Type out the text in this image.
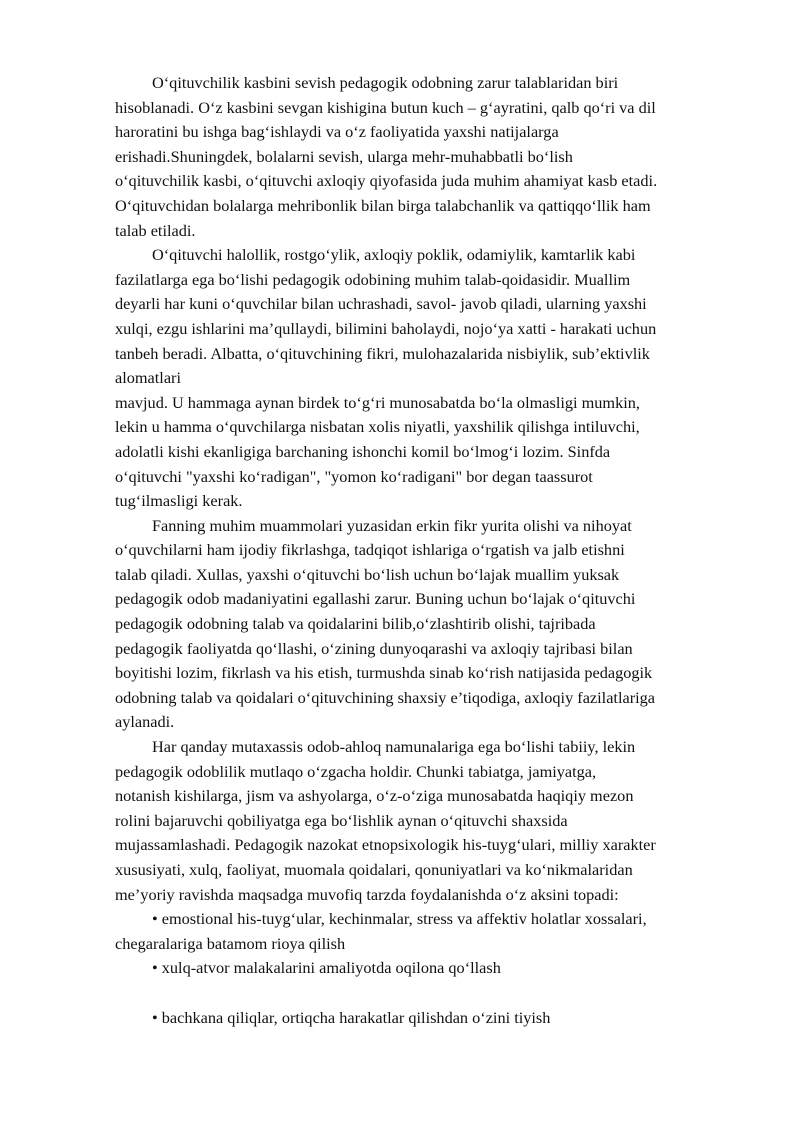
O‘qituvchilik kasbini sevish pedagogik odobning zarur talablaridan biri
hisoblanadi. O‘z kasbini sevgan kishigina butun kuch – g‘ayratini, qalb qo‘ri va dil
haroratini bu ishga bag‘ishlaydi va o‘z faoliyatida yaxshi natijalarga
erishadi.Shuningdek, bolalarni sevish, ularga mehr-muhabbatli bo‘lish
o‘qituvchilik kasbi, o‘qituvchi axloqiy qiyofasida juda muhim ahamiyat kasb etadi.
O‘qituvchidan bolalarga mehribonlik bilan birga talabchanlik va qattiqqo‘llik ham
talab etiladi.
O‘qituvchi halollik, rostgo‘ylik, axloqiy poklik, odamiylik, kamtarlik kabi
fazilatlarga ega bo‘lishi pedagogik odobining muhim talab-qoidasidir. Muallim
deyarli har kuni o‘quvchilar bilan uchrashadi, savol- javob qiladi, ularning yaxshi
xulqi, ezgu ishlarini ma’qullaydi, bilimini baholaydi, nojo‘ya xatti - harakati uchun
tanbeh beradi. Albatta, o‘qituvchining fikri, mulohazalarida nisbiylik, sub’ektivlik
alomatlari
mavjud. U hammaga aynan birdek to‘g‘ri munosabatda bo‘la olmasligi mumkin,
lekin u hamma o‘quvchilarga nisbatan xolis niyatli, yaxshilik qilishga intiluvchi,
adolatli kishi ekanligiga barchaning ishonchi komil bo‘lmog‘i lozim. Sinfda
o‘qituvchi "yaxshi ko‘radigan", "yomon ko‘radigani" bor degan taassurot
tug‘ilmasligi kerak.
Fanning muhim muammolari yuzasidan erkin fikr yurita olishi va nihoyat
o‘quvchilarni ham ijodiy fikrlashga, tadqiqot ishlariga o‘rgatish va jalb etishni
talab qiladi. Xullas, yaxshi o‘qituvchi bo‘lish uchun bo‘lajak muallim yuksak
pedagogik odob madaniyatini egallashi zarur. Buning uchun bo‘lajak o‘qituvchi
pedagogik odobning talab va qoidalarini bilib,o‘zlashtirib olishi, tajribada
pedagogik faoliyatda qo‘llashi, o‘zining dunyoqarashi va axloqiy tajribasi bilan
boyitishi lozim, fikrlash va his etish, turmushda sinab ko‘rish natijasida pedagogik
odobning talab va qoidalari o‘qituvchining shaxsiy e’tiqodiga, axloqiy fazilatlariga
aylanadi.
Har qanday mutaxassis odob-ahloq namunalariga ega bo‘lishi tabiiy, lekin
pedagogik odoblilik mutlaqo o‘zgacha holdir. Chunki tabiatga, jamiyatga,
notanish kishilarga, jism va ashyolarga, o‘z-o‘ziga munosabatda haqiqiy mezon
rolini bajaruvchi qobiliyatga ega bo‘lishlik aynan o‘qituvchi shaxsida
mujassamlashadi. Pedagogik nazokat etnopsixologik his-tuyg‘ulari, milliy xarakter
xususiyati, xulq, faoliyat, muomala qoidalari, qonuniyatlari va ko‘nikmalaridan
me’yoriy ravishda maqsadga muvofiq tarzda foydalanishda o‘z aksini topadi:
• emostional his-tuyg‘ular, kechinmalar, stress va affektiv holatlar xossalari,
chegaralariga batamom rioya qilish
• xulq-atvor malakalarini amaliyotda oqilona qo‘llash
• bachkana qiliqlar, ortiqcha harakatlar qilishdan o‘zini tiyish
